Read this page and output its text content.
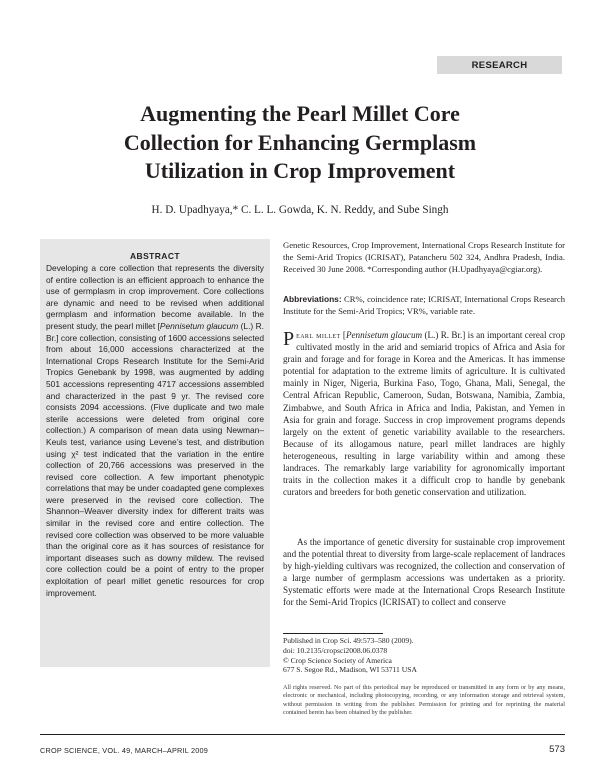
RESEARCH
Augmenting the Pearl Millet Core
Collection for Enhancing Germplasm
Utilization in Crop Improvement
H. D. Upadhyaya,* C. L. L. Gowda, K. N. Reddy, and Sube Singh
ABSTRACT
Developing a core collection that represents the diversity of entire collection is an efficient approach to enhance the use of germplasm in crop improvement. Core collections are dynamic and need to be revised when additional germplasm and information become available. In the present study, the pearl millet [Pennisetum glaucum (L.) R. Br.] core collection, consisting of 1600 accessions selected from about 16,000 accessions characterized at the International Crops Research Institute for the Semi-Arid Tropics Genebank by 1998, was augmented by adding 501 accessions representing 4717 accessions assembled and characterized in the past 9 yr. The revised core consists 2094 accessions. (Five duplicate and two male sterile accessions were deleted from original core collection.) A comparison of mean data using Newman–Keuls test, variance using Levene’s test, and distribution using χ² test indicated that the variation in the entire collection of 20,766 accessions was preserved in the revised core collection. A few important phenotypic correlations that may be under coadapted gene complexes were preserved in the revised core collection. The Shannon–Weaver diversity index for different traits was similar in the revised core and entire collection. The revised core collection was observed to be more valuable than the original core as it has sources of resistance for important diseases such as downy mildew. The revised core collection could be a point of entry to the proper exploitation of pearl millet genetic resources for crop improvement.
Genetic Resources, Crop Improvement, International Crops Research Institute for the Semi-Arid Tropics (ICRISAT), Patancheru 502 324, Andhra Pradesh, India. Received 30 June 2008. *Corresponding author (H.Upadhyaya@cgiar.org).
Abbreviations: CR%, coincidence rate; ICRISAT, International Crops Research Institute for the Semi-Arid Tropics; VR%, variable rate.
Pearl millet [Pennisetum glaucum (L.) R. Br.] is an important cereal crop cultivated mostly in the arid and semiarid tropics of Africa and Asia for grain and forage and for forage in Korea and the Americas. It has immense potential for adaptation to the extreme limits of agriculture. It is cultivated mainly in Niger, Nigeria, Burkina Faso, Togo, Ghana, Mali, Senegal, the Central African Republic, Cameroon, Sudan, Botswana, Namibia, Zambia, Zimbabwe, and South Africa in Africa and India, Pakistan, and Yemen in Asia for grain and forage. Success in crop improvement programs depends largely on the extent of genetic variability available to the researchers. Because of its allogamous nature, pearl millet landraces are highly heterogeneous, resulting in large variability within and among these landraces. The remarkably large variability for agronomically important traits in the collection makes it a difficult crop to handle by genebank curators and breeders for both genetic conservation and utilization.
As the importance of genetic diversity for sustainable crop improvement and the potential threat to diversity from large-scale replacement of landraces by high-yielding cultivars was recognized, the collection and conservation of a large number of germplasm accessions was undertaken as a priority. Systematic efforts were made at the International Crops Research Institute for the Semi-Arid Tropics (ICRISAT) to collect and conserve
Published in Crop Sci. 49:573–580 (2009).
doi: 10.2135/cropsci2008.06.0378
© Crop Science Society of America
677 S. Segoe Rd., Madison, WI 53711 USA
All rights reserved. No part of this periodical may be reproduced or transmitted in any form or by any means, electronic or mechanical, including photocopying, recording, or any information storage and retrieval system, without permission in writing from the publisher. Permission for printing and for reprinting the material contained herein has been obtained by the publisher.
CROP SCIENCE, VOL. 49, MARCH–APRIL 2009	573
